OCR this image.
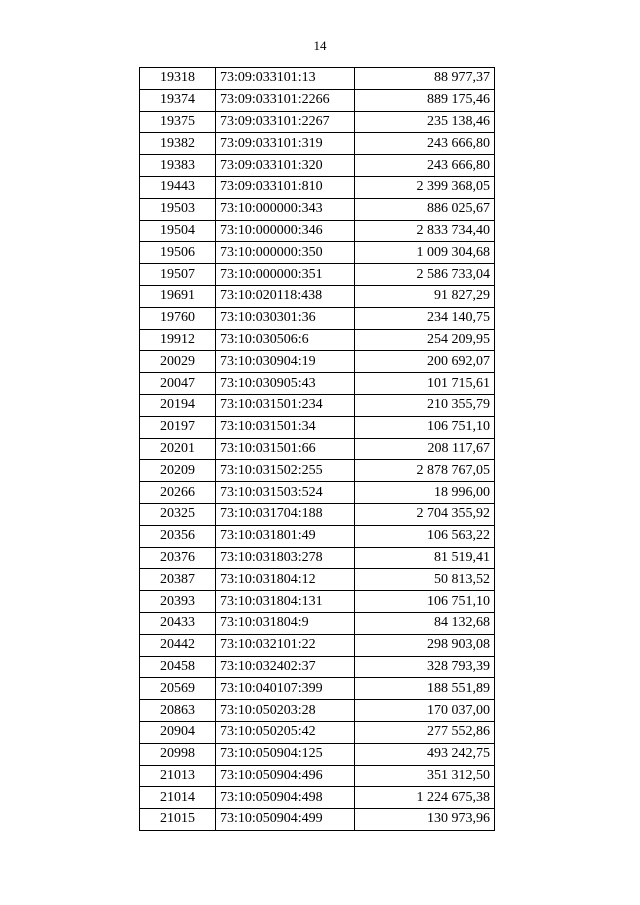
14
19318	73:09:033101:13	88 977,37
19374	73:09:033101:2266	889 175,46
19375	73:09:033101:2267	235 138,46
19382	73:09:033101:319	243 666,80
19383	73:09:033101:320	243 666,80
19443	73:09:033101:810	2 399 368,05
19503	73:10:000000:343	886 025,67
19504	73:10:000000:346	2 833 734,40
19506	73:10:000000:350	1 009 304,68
19507	73:10:000000:351	2 586 733,04
19691	73:10:020118:438	91 827,29
19760	73:10:030301:36	234 140,75
19912	73:10:030506:6	254 209,95
20029	73:10:030904:19	200 692,07
20047	73:10:030905:43	101 715,61
20194	73:10:031501:234	210 355,79
20197	73:10:031501:34	106 751,10
20201	73:10:031501:66	208 117,67
20209	73:10:031502:255	2 878 767,05
20266	73:10:031503:524	18 996,00
20325	73:10:031704:188	2 704 355,92
20356	73:10:031801:49	106 563,22
20376	73:10:031803:278	81 519,41
20387	73:10:031804:12	50 813,52
20393	73:10:031804:131	106 751,10
20433	73:10:031804:9	84 132,68
20442	73:10:032101:22	298 903,08
20458	73:10:032402:37	328 793,39
20569	73:10:040107:399	188 551,89
20863	73:10:050203:28	170 037,00
20904	73:10:050205:42	277 552,86
20998	73:10:050904:125	493 242,75
21013	73:10:050904:496	351 312,50
21014	73:10:050904:498	1 224 675,38
21015	73:10:050904:499	130 973,96
